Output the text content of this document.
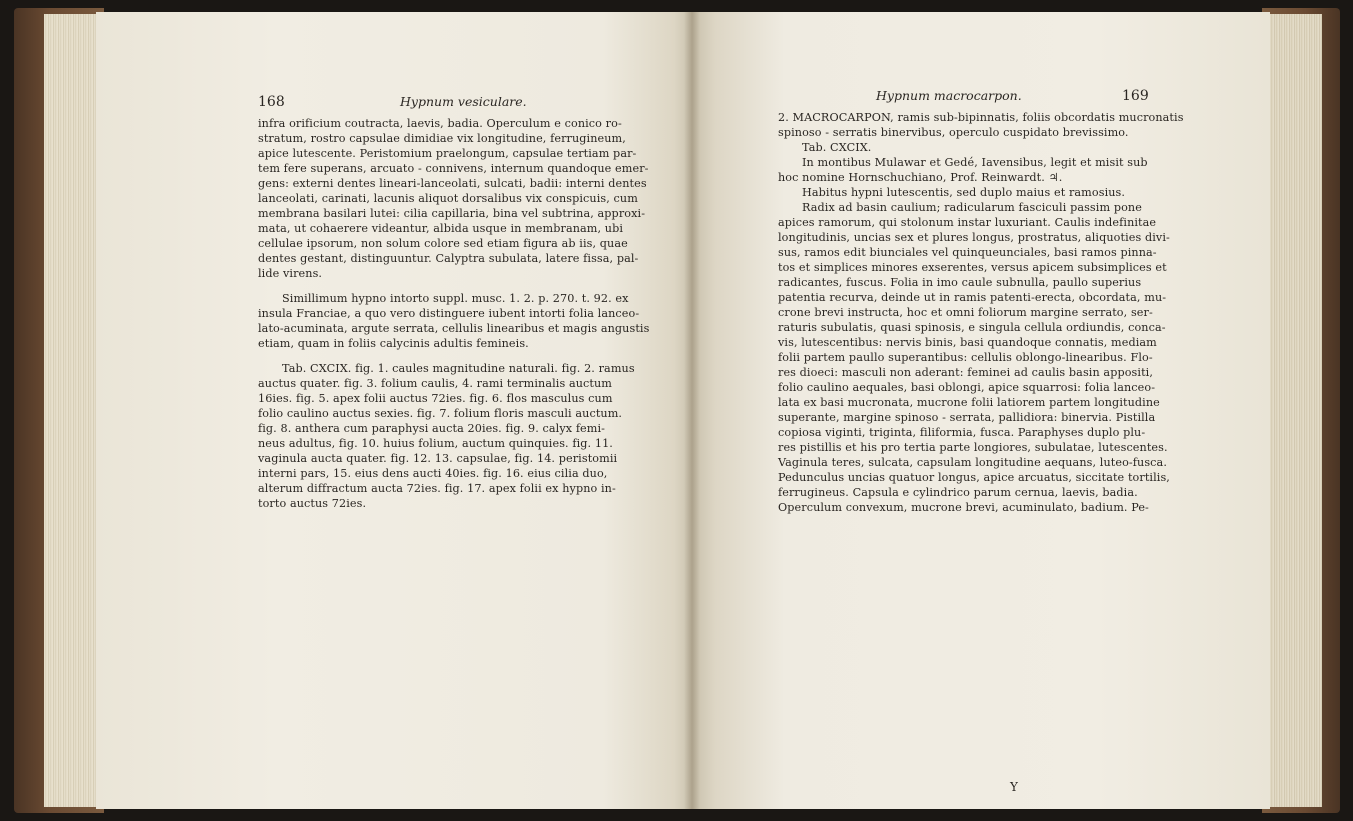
168	Hypnum vesiculare.
infra orificium coutracta, laevis, badia. Operculum e conico ro-
stratum, rostro capsulae dimidiae vix longitudine, ferrugineum,
apice lutescente. Peristomium praelongum, capsulae tertiam par-
tem fere superans, arcuato - connivens, internum quandoque emer-
gens: externi dentes lineari-lanceolati, sulcati, badii: interni dentes
lanceolati, carinati, lacunis aliquot dorsalibus vix conspicuis, cum
membrana basilari lutei: cilia capillaria, bina vel subtrina, approxi-
mata, ut cohaerere videantur, albida usque in membranam, ubi
cellulae ipsorum, non solum colore sed etiam figura ab iis, quae
dentes gestant, distinguuntur. Calyptra subulata, latere fissa, pal-
lide virens.
Simillimum hypno intorto suppl. musc. 1. 2. p. 270. t. 92. ex
insula Franciae, a quo vero distinguere iubent intorti folia lanceo-
lato-acuminata, argute serrata, cellulis linearibus et magis angustis
etiam, quam in foliis calycinis adultis femineis.
Tab. CXCIX. fig. 1. caules magnitudine naturali. fig. 2. ramus
auctus quater. fig. 3. folium caulis, 4. rami terminalis auctum
16ies. fig. 5. apex folii auctus 72ies. fig. 6. flos masculus cum
folio caulino auctus sexies. fig. 7. folium floris masculi auctum.
fig. 8. anthera cum paraphysi aucta 20ies. fig. 9. calyx femi-
neus adultus, fig. 10. huius folium, auctum quinquies. fig. 11.
vaginula aucta quater. fig. 12. 13. capsulae, fig. 14. peristomii
interni pars, 15. eius dens aucti 40ies. fig. 16. eius cilia duo,
alterum diffractum aucta 72ies. fig. 17. apex folii ex hypno in-
torto auctus 72ies.
Hypnum macrocarpon.	169
2. MACROCARPON, ramis sub-bipinnatis, foliis obcordatis mucronatis
spinoso - serratis binervibus, operculo cuspidato brevissimo.
Tab. CXCIX.
In montibus Mulawar et Gedé, Iavensibus, legit et misit sub
hoc nomine Hornschuchiano, Prof. Reinwardt. ♃.
Habitus hypni lutescentis, sed duplo maius et ramosius.
Radix ad basin caulium; radicularum fasciculi passim pone
apices ramorum, qui stolonum instar luxuriant. Caulis indefinitae
longitudinis, uncias sex et plures longus, prostratus, aliquoties divi-
sus, ramos edit biunciales vel quinqueunciales, basi ramos pinna-
tos et simplices minores exserentes, versus apicem subsimplices et
radicantes, fuscus. Folia in imo caule subnulla, paullo superius
patentia recurva, deinde ut in ramis patenti-erecta, obcordata, mu-
crone brevi instructa, hoc et omni foliorum margine serrato, ser-
raturis subulatis, quasi spinosis, e singula cellula ordiundis, conca-
vis, lutescentibus: nervis binis, basi quandoque connatis, mediam
folii partem paullo superantibus: cellulis oblongo-linearibus. Flo-
res dioeci: masculi non aderant: feminei ad caulis basin appositi,
folio caulino aequales, basi oblongi, apice squarrosi: folia lanceo-
lata ex basi mucronata, mucrone folii latiorem partem longitudine
superante, margine spinoso - serrata, pallidiora: binervia. Pistilla
copiosa viginti, triginta, filiformia, fusca. Paraphyses duplo plu-
res pistillis et his pro tertia parte longiores, subulatae, lutescentes.
Vaginula teres, sulcata, capsulam longitudine aequans, luteo-fusca.
Pedunculus uncias quatuor longus, apice arcuatus, siccitate tortilis,
ferrugineus. Capsula e cylindrico parum cernua, laevis, badia.
Operculum convexum, mucrone brevi, acuminulato, badium. Pe-
Y
